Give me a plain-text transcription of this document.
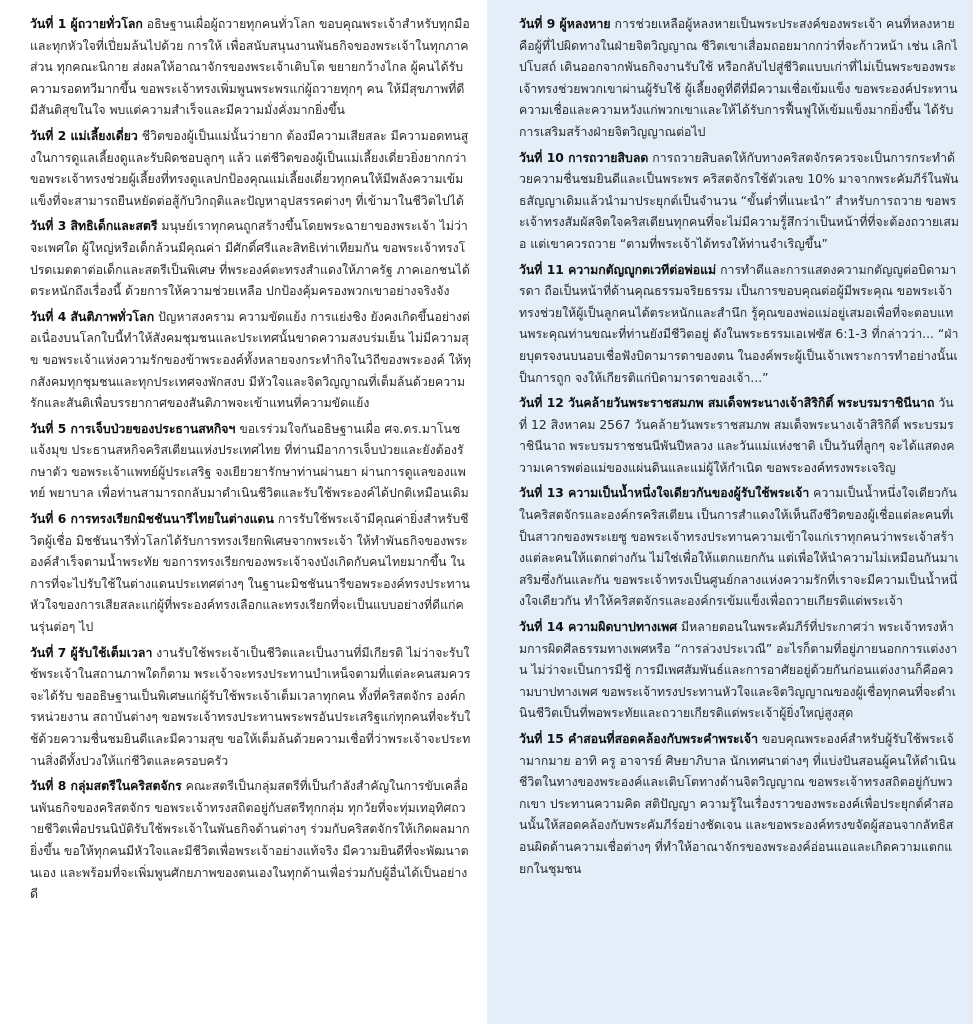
วันที่ 1 ผู้ถวายทั่วโลก อธิษฐานเผื่อผู้ถวายทุกคนทั่วโลก ขอบคุณพระเจ้าสำหรับทุกมือและทุกหัวใจที่เปี่ยมล้นไปด้วย การให้ เพื่อสนับสนุนงานพันธกิจของพระเจ้าในทุกภาคส่วน ทุกคณะนิกาย ส่งผลให้อาณาจักรของพระเจ้าเติบโต ขยายกว้างไกล ผู้คนได้รับความรอดทวีมากขึ้น ขอพระเจ้าทรงเพิ่มพูนพระพรแก่ผู้ถวายทุกๆ คน ให้มีสุขภาพที่ดีมีสันติสุขในใจ พบแต่ความสำเร็จและมีความมั่งคั่งมากยิ่งขึ้น

วันที่ 2 แม่เลี้ยงเดี่ยว ชีวิตของผู้เป็นแม่นั้นว่ายาก ต้องมีความเสียสละ มีความอดทนสูงในการดูแลเลี้ยงดูและรับผิดชอบลูกๆ แล้ว แต่ชีวิตของผู้เป็นแม่เลี้ยงเดี่ยวยิ่งยากกว่า ขอพระเจ้าทรงช่วยผู้เลี้ยงที่ทรงดูแลปกป้องคุณแม่เลี้ยงเดี่ยวทุกคนให้มีพลังความเข้มแข็งที่จะสามารถยืนหยัดต่อสู้กับวิกฤติและปัญหาอุปสรรคต่างๆ ที่เข้ามาในชีวิตไปได้

วันที่ 3 สิทธิเด็กและสตรี มนุษย์เราทุกคนถูกสร้างขึ้นโดยพระฉายาของพระเจ้า ไม่ว่าจะเพศใด ผู้ใหญ่หรือเด็กล้วนมีคุณค่า มีศักดิ์ศรีและสิทธิเท่าเทียมกัน ขอพระเจ้าทรงโปรดเมตตาต่อเด็กและสตรีเป็นพิเศษ ที่พระองค์ตะทรงสำแดงให้ภาครัฐ ภาคเอกชนได้ตระหนักถึงเรื่องนี้ ด้วยการให้ความช่วยเหลือ ปกป้องคุ้มครองพวกเขาอย่างจริงจัง

วันที่ 4 สันติภาพทั่วโลก ปัญหาสงคราม ความขัดแย้ง การแย่งชิง ยังคงเกิดขึ้นอย่างต่อเนื่องบนโลกใบนี้ทำให้สังคมชุมชนและประเทศนั้นขาดความสงบร่มเย็น ไม่มีความสุข ขอพระเจ้าแห่งความรักของข้าพระองค์ทั้งหลายจงกระทำกิจในวิถีของพระองค์ ให้ทุกสังคมทุกชุมชนและทุกประเทศจงพักสงบ มีหัวใจและจิตวิญญาณที่เต็มล้นด้วยความรักและสันติเพื่อบรรยากาศของสันติภาพจะเข้าแทนที่ความขัดแย้ง

วันที่ 5 การเจ็บป่วยของประธานสหกิจฯ ขอเรร่วมใจกันอธิษฐานเผื่อ ศจ.ดร.มาโนช แจ้งมุข ประธานสหกิจคริสเตียนแห่งประเทศไทย ที่ท่านมีอาการเจ็บป่วยและยังต้องรักษาตัว ขอพระเจ้าแพทย์ผู้ประเสริฐ จงเยียวยารักษาท่านผ่านยา ผ่านการดูแลของแพทย์ พยาบาล เพื่อท่านสามารถกลับมาดำเนินชีวิตและรับใช้พระองค์ได้ปกติเหมือนเดิม

วันที่ 6 การทรงเรียกมิชชันนารีไทยในต่างแดน การรับใช้พระเจ้ามีคุณค่ายิ่งสำหรับชีวิตผู้เชื่อ มิชชันนารีทั่วโลกได้รับการทรงเรียกพิเศษจากพระเจ้า ให้ทำพันธกิจของพระองค์สำเร็จตามน้ำพระทัย ขอการทรงเรียกของพระเจ้าจงบังเกิดกับคนไทยมากขึ้น ในการที่จะไปรับใช้ในต่างแดนประเทศต่างๆ ในฐานะมิชชันนารีขอพระองค์ทรงประทานหัวใจของการเสียสละแก่ผู้ที่พระองค์ทรงเลือกและทรงเรียกที่จะเป็นแบบอย่างที่ดีแก่คนรุ่นต่อๆ ไป

วันที่ 7 ผู้รับใช้เต็มเวลา งานรับใช้พระเจ้าเป็นชีวิตและเป็นงานที่มีเกียรติ ไม่ว่าจะรับใช้พระเจ้าในสถานภาพใดก็ตาม พระเจ้าจะทรงประทานบำเหน็จตามที่แต่ละคนสมควรจะได้รับ ขออธิษฐานเป็นพิเศษแก่ผู้รับใช้พระเจ้าเต็มเวลาทุกคน ทั้งที่คริสตจักร องค์กรหน่วยงาน สถาบันต่างๆ ขอพระเจ้าทรงประทานพระพรอันประเสริฐแก่ทุกคนที่จะรับใช้ด้วยความชื่นชมยินดีและมีความสุข ขอให้เต็มล้นด้วยความเชื่อที่ว่าพระเจ้าจะประทานสิ่งดีทั้งปวงให้แก่ชีวิตและครอบครัว

วันที่ 8 กลุ่มสตรีในคริสตจักร คณะสตรีเป็นกลุ่มสตรีที่เป็นกำลังสำคัญในการขับเคลื่อนพันธกิจของคริสตจักร ขอพระเจ้าทรงสถิตอยู่กับสตรีทุกกลุ่ม ทุกวัยที่จะทุ่มเทอุทิศถวายชีวิตเพื่อปรนนิบัติรับใช้พระเจ้าในพันธกิจด้านต่างๆ ร่วมกับคริสตจักรให้เกิดผลมากยิ่งขึ้น ขอให้ทุกคนมีหัวใจและมีชีวิตเพื่อพระเจ้าอย่างแท้จริง มีความยินดีที่จะพัฒนาตนเอง และพร้อมที่จะเพิ่มพูนศักยภาพของตนเองในทุกด้านเพื่อร่วมกับผู้อื่นได้เป็นอย่างดี

วันที่ 9 ผู้หลงหาย การช่วยเหลือผู้หลงหายเป็นพระประสงค์ของพระเจ้า คนที่หลงหายคือผู้ที่ไปผิดทางในฝ่ายจิตวิญญาณ ชีวิตเขาเสื่อมถอยมากกว่าที่จะก้าวหน้า เช่น เลิกไปโบสถ์ เดินออกจากพันธกิจงานรับใช้ หรือกลับไปสู่ชีวิตแบบเก่าที่ไม่เป็นพระของพระเจ้าทรงช่วยพวกเขาผ่านผู้รับใช้ ผู้เลี้ยงดูที่ดีที่มีความเชื่อเข้มแข็ง ขอพระองค์ประทานความเชื่อและความหวังแก่พวกเขาและให้ได้รับการฟื้นฟูให้เข้มแข็งมากยิ่งขึ้น ได้รับการเสริมสร้างฝ่ายจิตวิญญาณต่อไป

วันที่ 10 การถวายสิบลด การถวายสิบลดให้กับทางคริสตจักรควรจะเป็นการกระทำด้วยความชื่นชมยินดีและเป็นพระพร คริสตจักรใช้ตัวเลข 10% มาจากพระคัมภีร์ในพันธสัญญาเดิมแล้วนำมาประยุกต์เป็นจำนวน “ขั้นต่ำที่แนะนำ” สำหรับการถวาย ขอพระเจ้าทรงสัมผัสจิตใจคริสเตียนทุกคนที่จะไม่มีความรู้สึกว่าเป็นหน้าที่ที่จะต้องถวายเสมอ แต่เขาควรถวาย “ตามที่พระเจ้าได้ทรงให้ท่านจำเริญขึ้น”

วันที่ 11 ความกตัญญูกตเวทีต่อพ่อแม่ การทำดีและการแสดงความกตัญญูต่อบิดามารดา ถือเป็นหน้าที่ด้านคุณธรรมจริยธรรม เป็นการขอบคุณต่อผู้มีพระคุณ ขอพระเจ้าทรงช่วยให้ผู้เป็นลูกคนได้ตระหนักและสำนึก รู้คุณของพ่อแม่อยู่เสมอเพื่อที่จะตอบแทนพระคุณท่านขณะที่ท่านยังมีชีวิตอยู่ ดังในพระธรรมเอเฟซัส 6:1-3 ที่กล่าวว่า... “ฝ่ายบุตรจงนบนอบเชื่อฟังบิดามารดาของตน ในองค์พระผู้เป็นเจ้าเพราะการทำอย่างนั้นเป็นการถูก จงให้เกียรติแก่บิดามารดาของเจ้า...”

วันที่ 12 วันคล้ายวันพระราชสมภพ สมเด็จพระนางเจ้าสิริกิติ์ พระบรมราชินีนาถ วันที่ 12 สิงหาคม 2567 วันคล้ายวันพระราชสมภพ สมเด็จพระนางเจ้าสิริกิติ์ พระบรมราชินีนาถ พระบรมราชชนนีพันปีหลวง และวันแม่แห่งชาติ เป็นวันที่ลูกๆ จะได้แสดงความเคารพต่อแม่ของแผ่นดินและแม่ผู้ให้กำเนิด ขอพระองค์ทรงพระเจริญ

วันที่ 13 ความเป็นน้ำหนึ่งใจเดียวกันของผู้รับใช้พระเจ้า ความเป็นน้ำหนึ่งใจเดียวกันในคริสตจักรและองค์กรคริสเตียน เป็นการสำแดงให้เห็นถึงชีวิตของผู้เชื่อแต่ละคนที่เป็นสาวกของพระเยซู ขอพระเจ้าทรงประทานความเข้าใจแก่เราทุกคนว่าพระเจ้าสร้างแต่ละคนให้แตกต่างกัน ไม่ใช่เพื่อให้แตกแยกกัน แต่เพื่อให้นำความไม่เหมือนกันมาเสริมซึ่งกันและกัน ขอพระเจ้าทรงเป็นศูนย์กลางแห่งความรักที่เราจะมีความเป็นน้ำหนึ่งใจเดียวกัน ทำให้คริสตจักรและองค์กรเข้มแข็งเพื่อถวายเกียรติแด่พระเจ้า

วันที่ 14 ความผิดบาปทางเพศ มีหลายตอนในพระคัมภีร์ที่ประกาศว่า พระเจ้าทรงห้ามการผิดศีลธรรมทางเพศหรือ “การล่วงประเวณี” อะไรก็ตามที่อยู่ภายนอกการแต่งงาน ไม่ว่าจะเป็นการมีชู้ การมีเพศสัมพันธ์และการอาศัยอยู่ด้วยกันก่อนแต่งงานก็คือความบาปทางเพศ ขอพระเจ้าทรงประทานหัวใจและจิตวิญญาณของผู้เชื่อทุกคนที่จะดำเนินชีวิตเป็นที่พอพระทัยและถวายเกียรติแด่พระเจ้าผู้ยิ่งใหญ่สูงสุด

วันที่ 15 คำสอนที่สอดคล้องกับพระคำพระเจ้า ขอบคุณพระองค์สำหรับผู้รับใช้พระเจ้ามากมาย อาทิ ครู อาจารย์ ศิษยาภิบาล นักเทศนาต่างๆ ที่แบ่งปันสอนผู้คนให้ดำเนินชีวิตในทางของพระองค์และเติบโตทางด้านจิตวิญญาณ ขอพระเจ้าทรงสถิตอยู่กับพวกเขา ประทานความคิด สติปัญญา ความรู้ในเรื่องราวของพระองค์เพื่อประยุกต์คำสอนนั้นให้สอดคล้องกับพระคัมภีร์อย่างชัดเจน และขอพระองค์ทรงขจัดผู้สอนจากลัทธิสอนผิดด้านความเชื่อต่างๆ ที่ทำให้อาณาจักรของพระองค์อ่อนแอและเกิดความแตกแยกในชุมชน
